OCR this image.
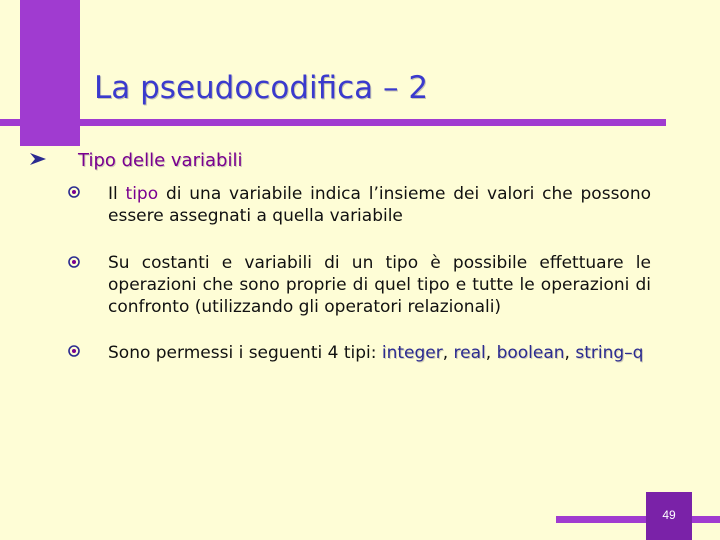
La pseudocodifica – 2
Tipo delle variabili
Il tipo di una variabile indica l’insieme dei valori che possono essere assegnati a quella variabile
Su costanti e variabili di un tipo è possibile effettuare le operazioni che sono proprie di quel tipo e tutte le operazioni di confronto (utilizzando gli operatori relazionali)
Sono permessi i seguenti 4 tipi: integer, real, boolean, string–q
49
